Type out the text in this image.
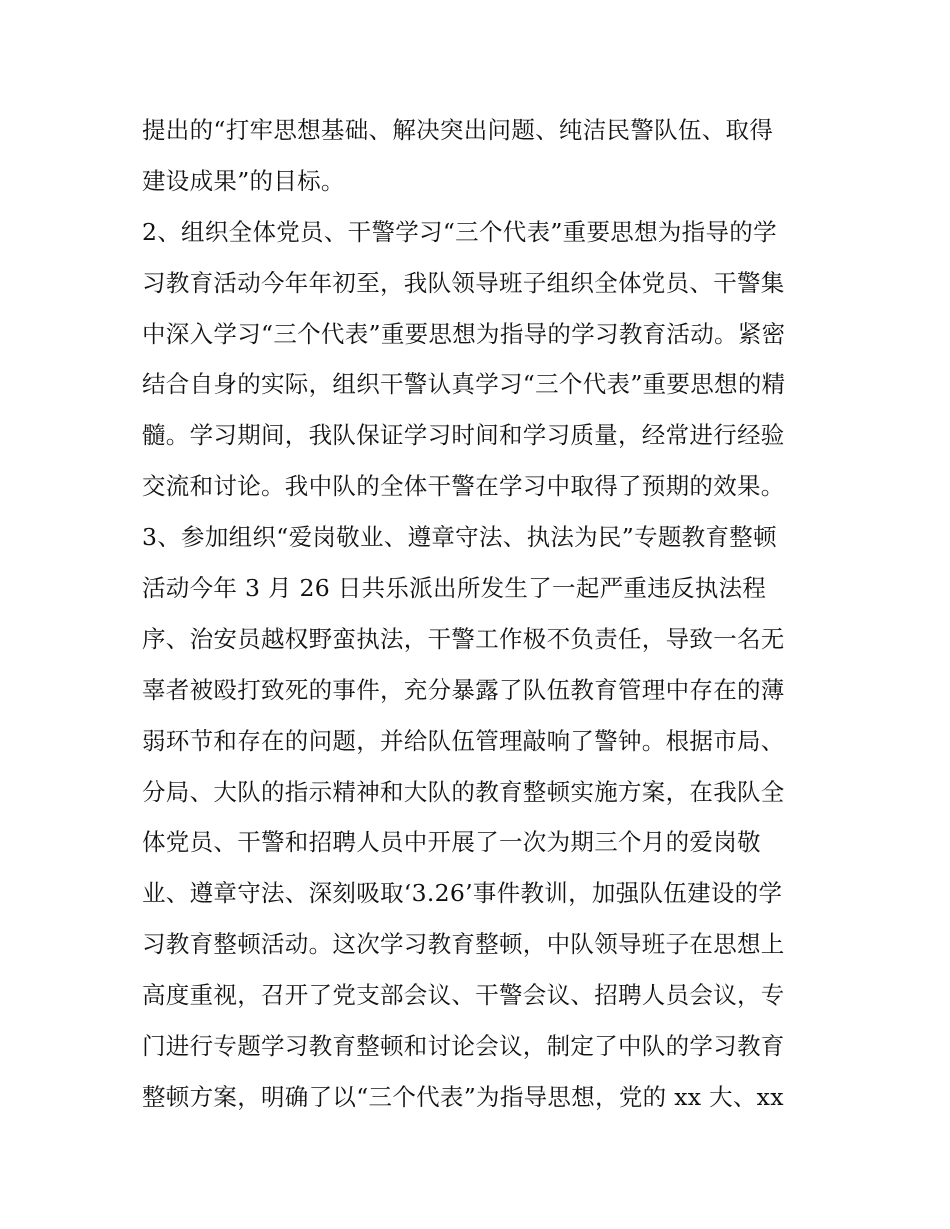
提出的“打牢思想基础、解决突出问题、纯洁民警队伍、取得
建设成果”的目标。
2、组织全体党员、干警学习“三个代表”重要思想为指导的学
习教育活动今年年初至，我队领导班子组织全体党员、干警集
中深入学习“三个代表”重要思想为指导的学习教育活动。紧密
结合自身的实际，组织干警认真学习“三个代表”重要思想的精
髓。学习期间，我队保证学习时间和学习质量，经常进行经验
交流和讨论。我中队的全体干警在学习中取得了预期的效果。
3、参加组织“爱岗敬业、遵章守法、执法为民”专题教育整顿
活动今年 3 月 26 日共乐派出所发生了一起严重违反执法程
序、治安员越权野蛮执法，干警工作极不负责任，导致一名无
辜者被殴打致死的事件，充分暴露了队伍教育管理中存在的薄
弱环节和存在的问题，并给队伍管理敲响了警钟。根据市局、
分局、大队的指示精神和大队的教育整顿实施方案，在我队全
体党员、干警和招聘人员中开展了一次为期三个月的爱岗敬
业、遵章守法、深刻吸取‘3.26’事件教训，加强队伍建设的学
习教育整顿活动。这次学习教育整顿，中队领导班子在思想上
高度重视，召开了党支部会议、干警会议、招聘人员会议，专
门进行专题学习教育整顿和讨论会议，制定了中队的学习教育
整顿方案，明确了以“三个代表”为指导思想，党的 xx 大、xx
